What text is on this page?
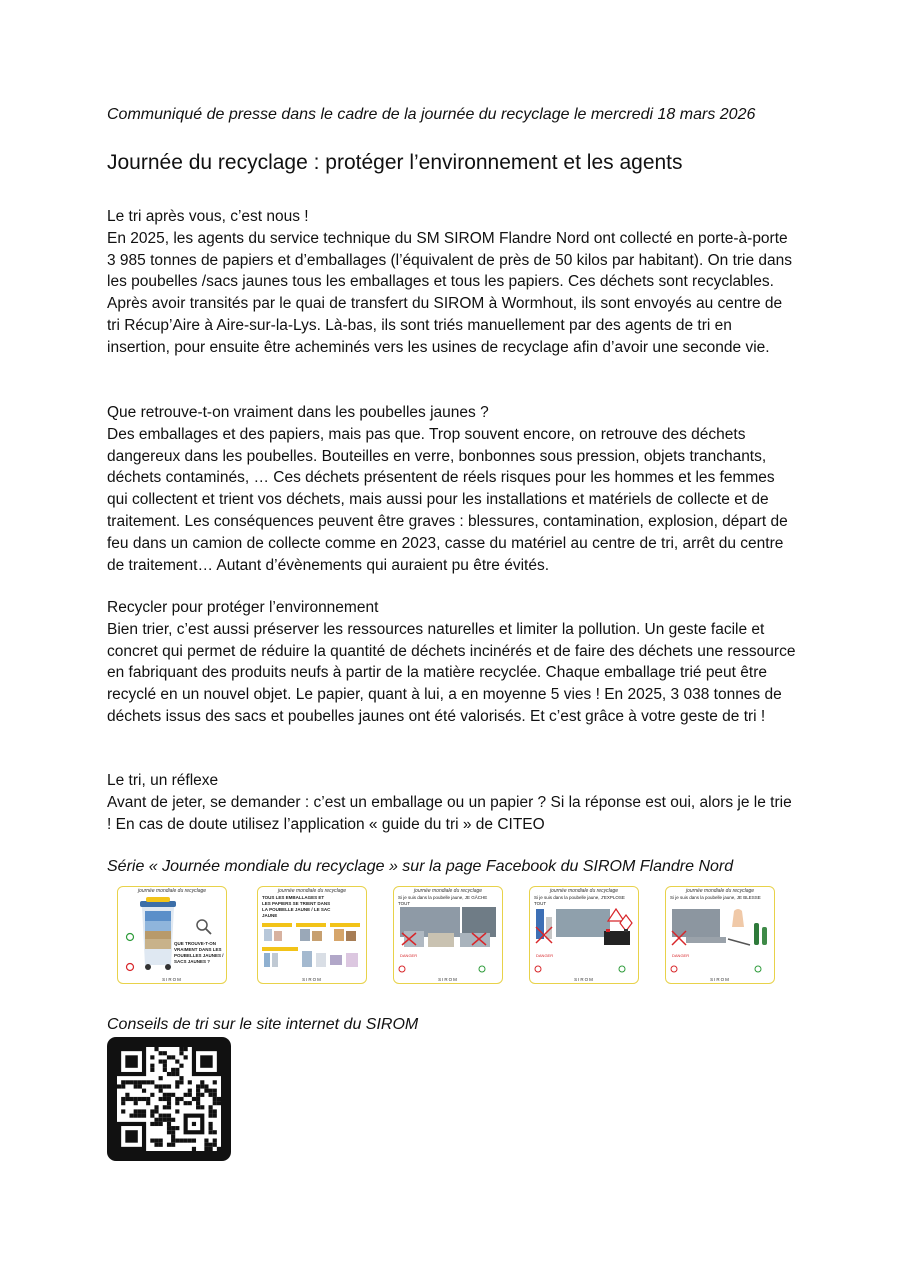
Communiqué de presse dans le cadre de la journée du recyclage le mercredi 18 mars 2026
Journée du recyclage : protéger l’environnement et les agents
Le tri après vous, c’est nous !

En 2025, les agents du service technique du SM SIROM Flandre Nord ont collecté en porte-à-porte 3 985 tonnes de papiers et d’emballages (l’équivalent de près de 50 kilos par habitant). On trie dans les poubelles /sacs jaunes tous les emballages et tous les papiers. Ces déchets sont recyclables. Après avoir transités par le quai de transfert du SIROM à Wormhout, ils sont envoyés au centre de tri Récup’Aire à Aire-sur-la-Lys. Là-bas, ils sont triés manuellement par des agents de tri en insertion, pour ensuite être acheminés vers les usines de recyclage afin d’avoir une seconde vie.

Que retrouve-t-on vraiment dans les poubelles jaunes ?

Des emballages et des papiers, mais pas que. Trop souvent encore, on retrouve des déchets dangereux dans les poubelles. Bouteilles en verre, bonbonnes sous pression, objets tranchants, déchets contaminés, … Ces déchets présentent de réels risques pour les hommes et les femmes qui collectent et trient vos déchets, mais aussi pour les installations et matériels de collecte et de traitement. Les conséquences peuvent être graves : blessures, contamination, explosion, départ de feu dans un camion de collecte comme en 2023, casse du matériel au centre de tri, arrêt du centre de traitement… Autant d’évènements qui auraient pu être évités.

Recycler pour protéger l’environnement

Bien trier, c’est aussi préserver les ressources naturelles et limiter la pollution. Un geste facile et concret qui permet de réduire la quantité de déchets incinérés et de faire des déchets une ressource en fabriquant des produits neufs à partir de la matière recyclée. Chaque emballage trié peut être recyclé en un nouvel objet. Le papier, quant à lui, a en moyenne 5 vies ! En 2025, 3 038 tonnes de déchets issus des sacs et poubelles jaunes ont été valorisés. Et c’est grâce à votre geste de tri !

Le tri, un réflexe

Avant de jeter, se demander : c’est un emballage ou un papier ? Si la réponse est oui, alors je le trie ! En cas de doute utilisez l’application « guide du tri » de CITEO

Série « Journée mondiale du recyclage » sur la page Facebook du SIROM Flandre Nord
journée mondiale du recyclage
QUE TROUVE-T-ON VRAIMENT DANS LES POUBELLES JAUNES / SACS JAUNES ?
SIROM
journée mondiale du recyclage
TOUS LES EMBALLAGES ET LES PAPIERS SE TRIENT DANS LA POUBELLE JAUNE / LE SAC JAUNE
SIROM
journée mondiale du recyclage
DANGER
Si je suis dans la poubelle jaune, JE GÂCHE TOUT
SIROM
journée mondiale du recyclage
DANGER
Si je suis dans la poubelle jaune, J'EXPLOSE TOUT
SIROM
journée mondiale du recyclage
DANGER
Si je suis dans la poubelle jaune, JE BLESSE
SIROM
Conseils de tri sur le site internet du SIROM
